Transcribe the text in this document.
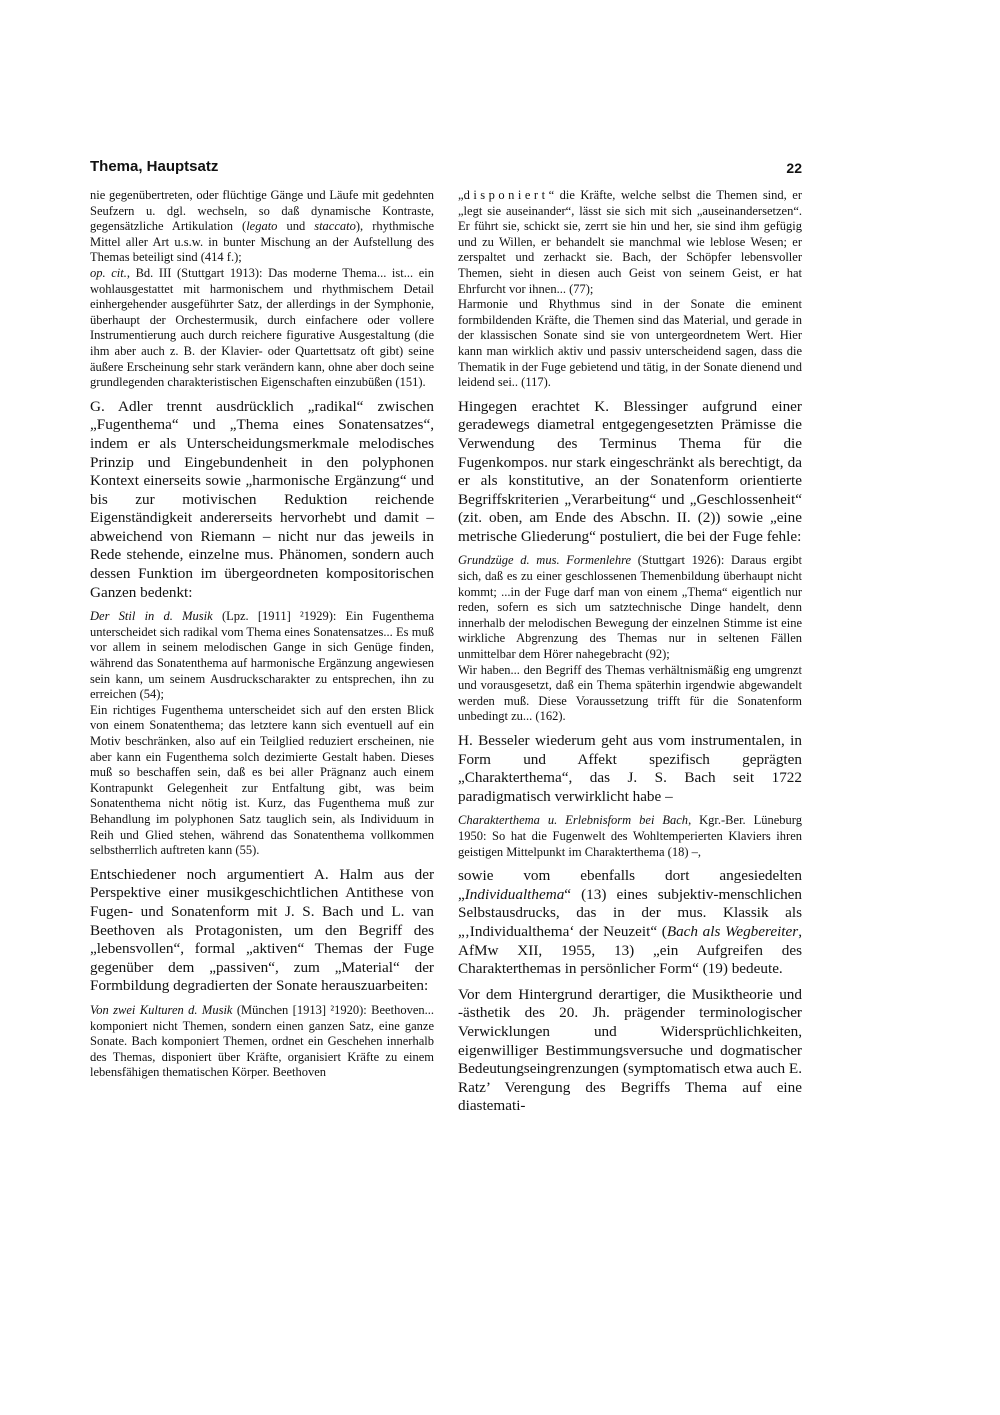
Thema, Hauptsatz	22

nie gegenübertreten, oder flüchtige Gänge und Läufe mit gedehnten Seufzern u. dgl. wechseln, so daß dynamische Kontraste, gegensätzliche Artikulation (legato und staccato), rhythmische Mittel aller Art u.s.w. in bunter Mischung an der Aufstellung des Themas beteiligt sind (414 f.);

op. cit., Bd. III (Stuttgart 1913): Das moderne Thema... ist... ein wohlausgestattet mit harmonischem und rhythmischem Detail einhergehender ausgeführter Satz, der allerdings in der Symphonie, überhaupt der Orchestermusik, durch einfachere oder vollere Instrumentierung auch durch reichere figurative Ausgestaltung (die ihm aber auch z. B. der Klavier- oder Quartettsatz oft gibt) seine äußere Erscheinung sehr stark verändern kann, ohne aber doch seine grundlegenden charakteristischen Eigenschaften einzubüßen (151).

G. Adler trennt ausdrücklich „radikal“ zwischen „Fugenthema“ und „Thema eines Sonatensatzes“, indem er als Unterscheidungsmerkmale melodisches Prinzip und Eingebundenheit in den polyphonen Kontext einerseits sowie „harmonische Ergänzung“ und bis zur motivischen Reduktion reichende Eigenständigkeit andererseits hervorhebt und damit – abweichend von Riemann – nicht nur das jeweils in Rede stehende, einzelne mus. Phänomen, sondern auch dessen Funktion im übergeordneten kompositorischen Ganzen bedenkt:

Der Stil in d. Musik (Lpz. [1911] ²1929): Ein Fugenthema unterscheidet sich radikal vom Thema eines Sonatensatzes... Es muß vor allem in seinem melodischen Gange in sich Genüge finden, während das Sonatenthema auf harmonische Ergänzung angewiesen sein kann, um seinem Ausdruckscharakter zu entsprechen, ihn zu erreichen (54);

Ein richtiges Fugenthema unterscheidet sich auf den ersten Blick von einem Sonatenthema; das letztere kann sich eventuell auf ein Motiv beschränken, also auf ein Teilglied reduziert erscheinen, nie aber kann ein Fugenthema solch dezimierte Gestalt haben. Dieses muß so beschaffen sein, daß es bei aller Prägnanz auch einem Kontrapunkt Gelegenheit zur Entfaltung gibt, was beim Sonatenthema nicht nötig ist. Kurz, das Fugenthema muß zur Behandlung im polyphonen Satz tauglich sein, als Individuum in Reih und Glied stehen, während das Sonatenthema vollkommen selbstherrlich auftreten kann (55).

Entschiedener noch argumentiert A. Halm aus der Perspektive einer musikgeschichtlichen Antithese von Fugen- und Sonatenform mit J. S. Bach und L. van Beethoven als Protagonisten, um den Begriff des „lebensvollen“, formal „aktiven“ Themas der Fuge gegenüber dem „passiven“, zum „Material“ der Formbildung degradierten der Sonate herauszuarbeiten:

Von zwei Kulturen d. Musik (München [1913] ²1920): Beethoven... komponiert nicht Themen, sondern einen ganzen Satz, eine ganze Sonate. Bach komponiert Themen, ordnet ein Geschehen innerhalb des Themas, disponiert über Kräfte, organisiert Kräfte zu einem lebensfähigen thematischen Körper. Beethoven

„disponiert“ die Kräfte, welche selbst die Themen sind, er „legt sie auseinander“, lässt sie sich mit sich „auseinandersetzen“. Er führt sie, schickt sie, zerrt sie hin und her, sie sind ihm gefügig und zu Willen, er behandelt sie manchmal wie leblose Wesen; er zerspaltet und zerhackt sie. Bach, der Schöpfer lebensvoller Themen, sieht in diesen auch Geist von seinem Geist, er hat Ehrfurcht vor ihnen... (77);

Harmonie und Rhythmus sind in der Sonate die eminent formbildenden Kräfte, die Themen sind das Material, und gerade in der klassischen Sonate sind sie von untergeordnetem Wert. Hier kann man wirklich aktiv und passiv unterscheidend sagen, dass die Thematik in der Fuge gebietend und tätig, in der Sonate dienend und leidend sei.. (117).

Hingegen erachtet K. Blessinger aufgrund einer geradewegs diametral entgegengesetzten Prämisse die Verwendung des Terminus Thema für die Fugenkompos. nur stark eingeschränkt als berechtigt, da er als konstitutive, an der Sonatenform orientierte Begriffskriterien „Verarbeitung“ und „Geschlossenheit“ (zit. oben, am Ende des Abschn. II. (2)) sowie „eine metrische Gliederung“ postuliert, die bei der Fuge fehle:

Grundzüge d. mus. Formenlehre (Stuttgart 1926): Daraus ergibt sich, daß es zu einer geschlossenen Themenbildung überhaupt nicht kommt; ...in der Fuge darf man von einem „Thema“ eigentlich nur reden, sofern es sich um satztechnische Dinge handelt, denn innerhalb der melodischen Bewegung der einzelnen Stimme ist eine wirkliche Abgrenzung des Themas nur in seltenen Fällen unmittelbar dem Hörer nahegebracht (92);

Wir haben... den Begriff des Themas verhältnismäßig eng umgrenzt und vorausgesetzt, daß ein Thema späterhin irgendwie abgewandelt werden muß. Diese Voraussetzung trifft für die Sonatenform unbedingt zu... (162).

H. Besseler wiederum geht aus vom instrumentalen, in Form und Affekt spezifisch geprägten „Charakterthema“, das J. S. Bach seit 1722 paradigmatisch verwirklicht habe –

Charakterthema u. Erlebnisform bei Bach, Kgr.-Ber. Lüneburg 1950: So hat die Fugenwelt des Wohltemperierten Klaviers ihren geistigen Mittelpunkt im Charakterthema (18) –,

sowie vom ebenfalls dort angesiedelten „Individualthema“ (13) eines subjektiv-menschlichen Selbstausdrucks, das in der mus. Klassik als „‚Individualthema‘ der Neuzeit“ (Bach als Wegbereiter, AfMw XII, 1955, 13) „ein Aufgreifen des Charakterthemas in persönlicher Form“ (19) bedeute.

Vor dem Hintergrund derartiger, die Musiktheorie und -ästhetik des 20. Jh. prägender terminologischer Verwicklungen und Widersprüchlichkeiten, eigenwilliger Bestimmungsversuche und dogmatischer Bedeutungseingrenzungen (symptomatisch etwa auch E. Ratz’ Verengung des Begriffs Thema auf eine diastemati-
